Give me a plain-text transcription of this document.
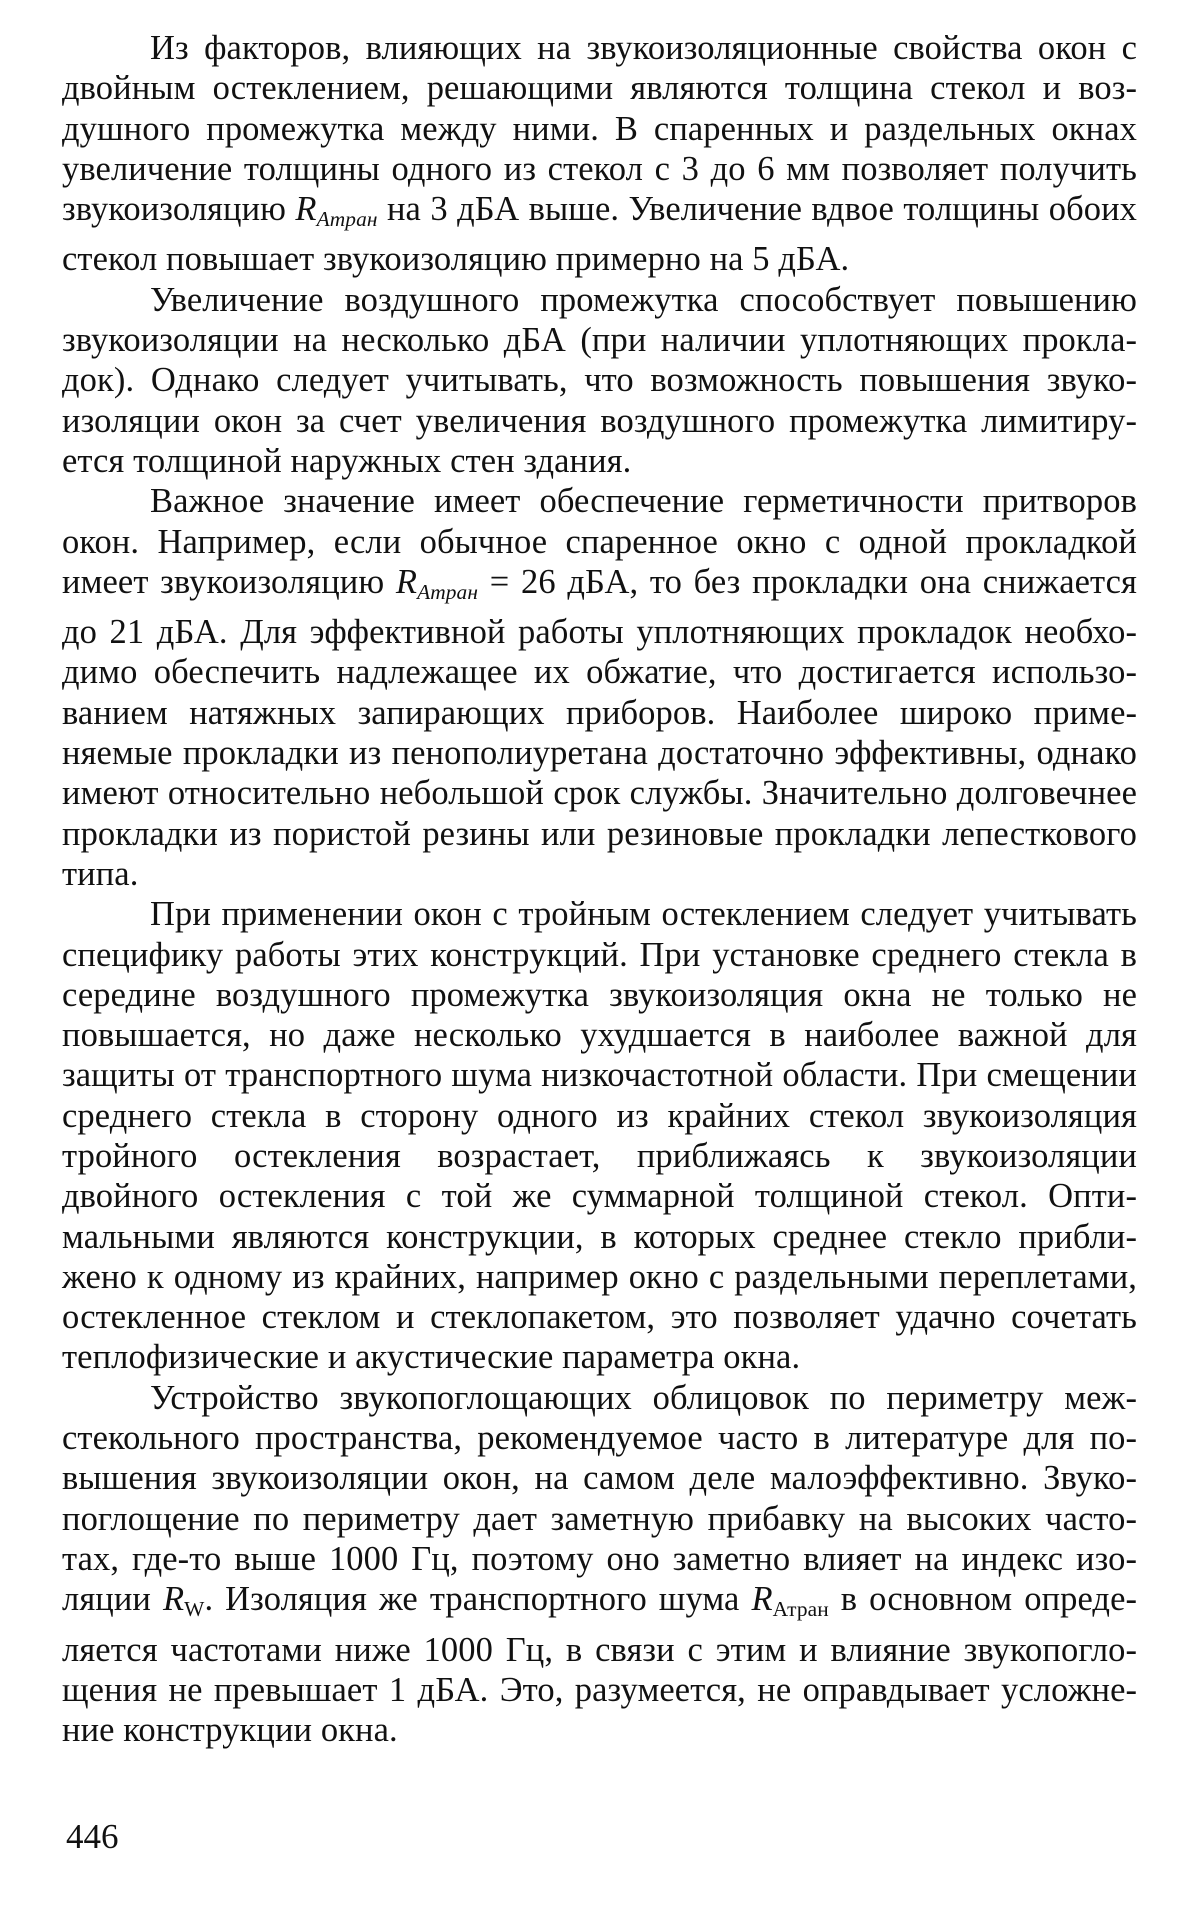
Из факторов, влияющих на звукоизоляционные свойства окон с двойным остеклением, решающими являются толщина стекол и воздушного промежутка между ними. В спаренных и раздельных окнах увеличение толщины одного из стекол с 3 до 6 мм позволяет получить звукоизоляцию $R_{Атран}$ на 3 дБА выше. Увеличение вдвое толщины обоих стекол повышает звукоизоляцию примерно на 5 дБА.

Увеличение воздушного промежутка способствует повышению звукоизоляции на несколько дБА (при наличии уплотняющих прокладок). Однако следует учитывать, что возможность повышения звукоизоляции окон за счет увеличения воздушного промежутка лимитируется толщиной наружных стен здания.

Важное значение имеет обеспечение герметичности притворов окон. Например, если обычное спаренное окно с одной прокладкой имеет звукоизоляцию $R_{Атран} = 26$ дБА, то без прокладки она снижается до 21 дБА. Для эффективной работы уплотняющих прокладок необходимо обеспечить надлежащее их обжатие, что достигается использованием натяжных запирающих приборов. Наиболее широко применяемые прокладки из пенополиуретана достаточно эффективны, однако имеют относительно небольшой срок службы. Значительно долговечнее прокладки из пористой резины или резиновые прокладки лепесткового типа.

При применении окон с тройным остеклением следует учитывать специфику работы этих конструкций. При установке среднего стекла в середине воздушного промежутка звукоизоляция окна не только не повышается, но даже несколько ухудшается в наиболее важной для защиты от транспортного шума низкочастотной области. При смещении среднего стекла в сторону одного из крайних стекол звукоизоляция тройного остекления возрастает, приближаясь к звукоизоляции двойного остекления с той же суммарной толщиной стекол. Оптимальными являются конструкции, в которых среднее стекло приближено к одному из крайних, например окно с раздельными переплетами, остекленное стеклом и стеклопакетом, это позволяет удачно сочетать теплофизические и акустические параметра окна.

Устройство звукопоглощающих облицовок по периметру межстекольного пространства, рекомендуемое часто в литературе для повышения звукоизоляции окон, на самом деле малоэффективно. Звукопоглощение по периметру дает заметную прибавку на высоких частотах, где-то выше 1000 Гц, поэтому оно заметно влияет на индекс изоляции RW. Изоляция же транспортного шума RАтран в основном определяется частотами ниже 1000 Гц, в связи с этим и влияние звукопоглощения не превышает 1 дБА. Это, разумеется, не оправдывает усложнение конструкции окна.

446
